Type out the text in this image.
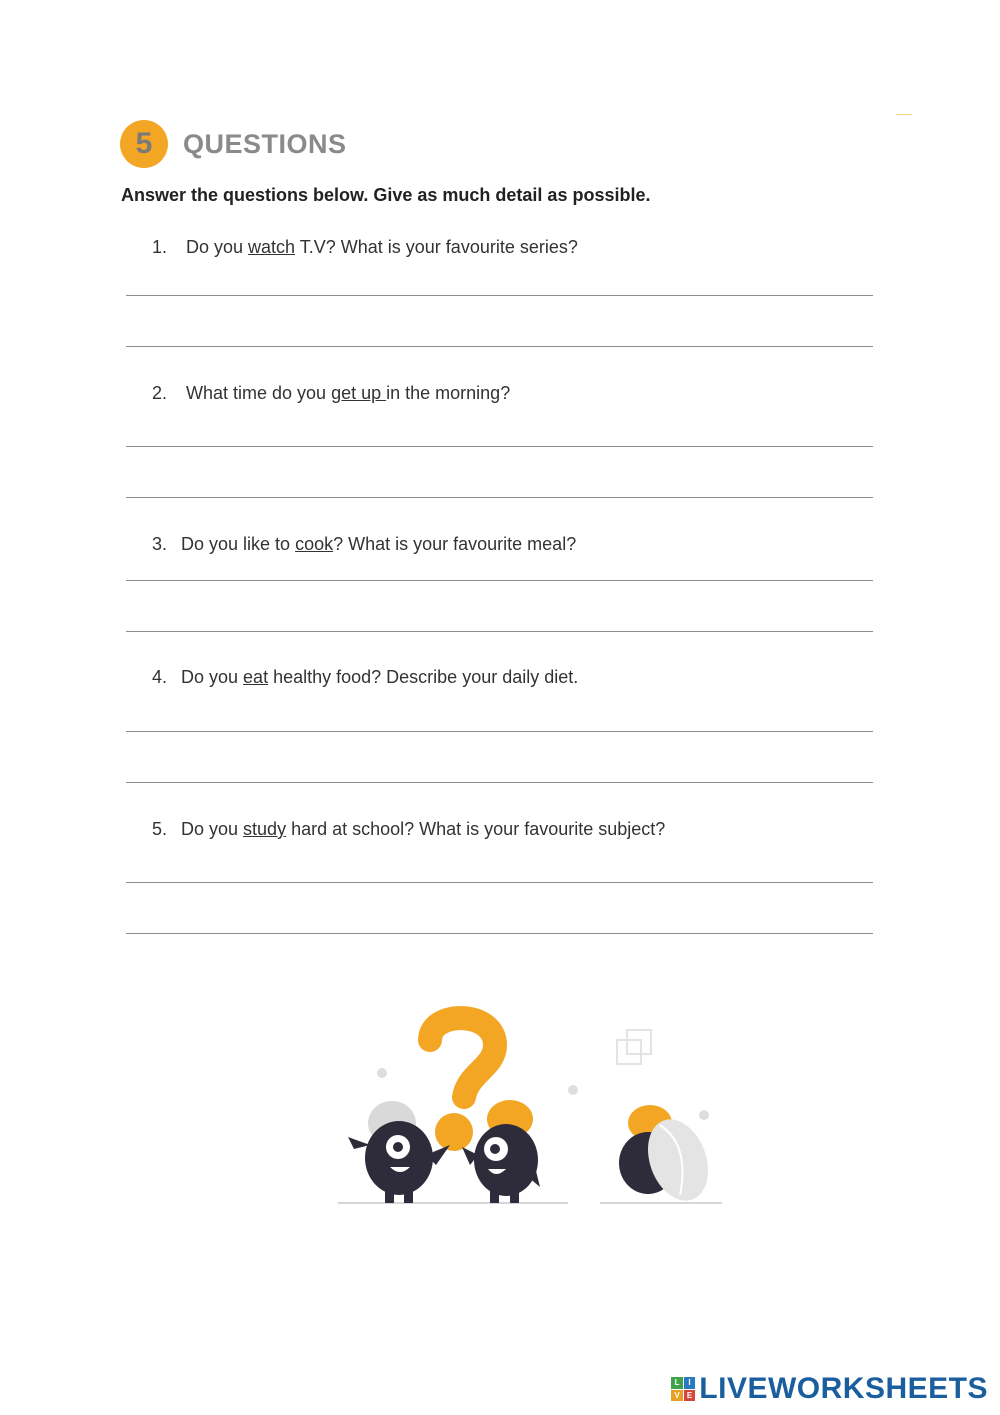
5 QUESTIONS
Answer the questions below. Give as much detail as possible.
1. Do you watch T.V? What is your favourite series?
2. What time do you get up in the morning?
3. Do you like to cook? What is your favourite meal?
4. Do you eat healthy food? Describe your daily diet.
5. Do you study hard at school? What is your favourite subject?
L	I
V E LIVEWORKSHEETS
